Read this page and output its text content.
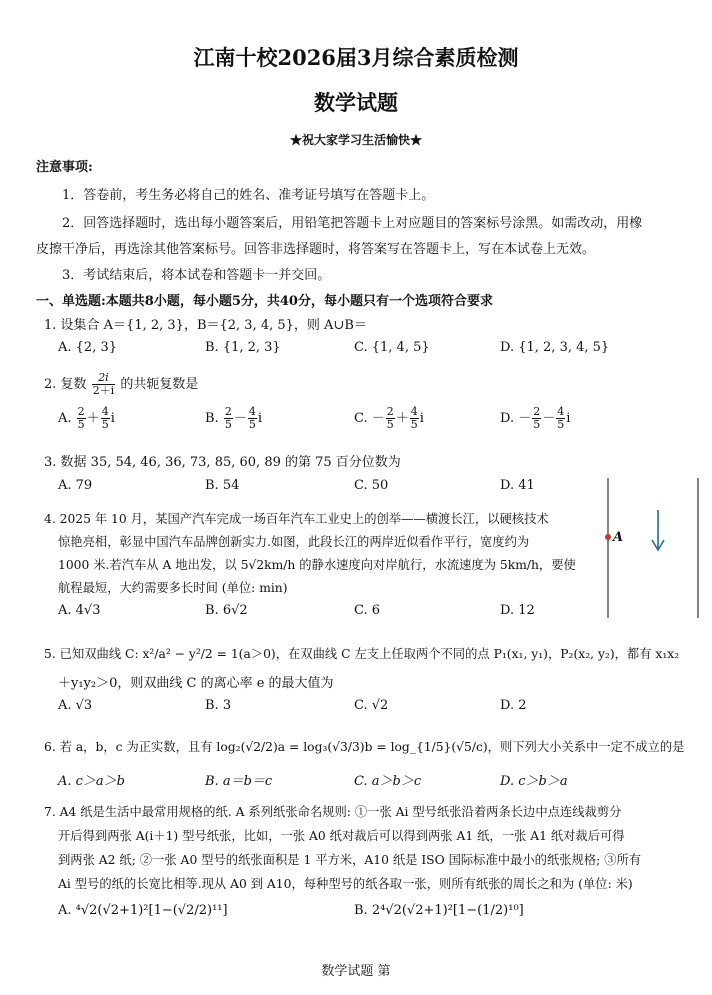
江南十校2026届3月综合素质检测
数学试题
★祝大家学习生活愉快★
注意事项:
1．答卷前，考生务必将自己的姓名、准考证号填写在答题卡上。
2．回答选择题时，选出每小题答案后，用铅笔把答题卡上对应题目的答案标号涂黑。如需改动，用橡
皮擦干净后，再选涂其他答案标号。回答非选择题时，将答案写在答题卡上，写在本试卷上无效。
3．考试结束后，将本试卷和答题卡一并交回。
一、单选题:本题共8小题，每小题5分，共40分，每小题只有一个选项符合要求
1. 设集合 A＝{1, 2, 3}，B＝{2, 3, 4, 5}，则 A∪B＝
A. {2, 3}	B. {1, 2, 3}	C. {1, 4, 5}	D. {1, 2, 3, 4, 5}
2. 复数 $\frac{2i}{2+i}$ 的共轭复数是
A. $\frac{2}{5} + \frac{4}{5}$ i	B. $\frac{2}{5} - \frac{4}{5}$ i	C. － $\frac{2}{5} + \frac{4}{5}$ i	D. － $\frac{2}{5} - \frac{4}{5}$ i
3. 数据 35, 54, 46, 36, 73, 85, 60, 89 的第 75 百分位数为
A. 79	B. 54	C. 50	D. 41
4. 2025 年 10 月，某国产汽车完成一场百年汽车工业史上的创举——横渡长江，以硬核技术
惊艳亮相，彰显中国汽车品牌创新实力.如图，此段长江的两岸近似看作平行，宽度约为
1000 米.若汽车从 A 地出发，以 5√2km/h 的静水速度向对岸航行，水流速度为 5km/h，要使
航程最短，大约需要多长时间 (单位: min)
A. 4√3	B. 6√2	C. 6	D. 12
A
5. 已知双曲线 C: x²/a² − y²/2 = 1(a＞0)，在双曲线 C 左支上任取两个不同的点 P₁(x₁, y₁)，P₂(x₂, y₂)，都有 x₁x₂
＋y₁y₂＞0，则双曲线 C 的离心率 e 的最大值为
A. √3	B. 3	C. √2	D. 2
6. 若 a，b，c 为正实数，且有 log₂(√2/2)a = log₃(√3/3)b = log_{1/5}(√5/c)，则下列大小关系中一定不成立的是
A. c＞a＞b	B. a＝b＝c	C. a＞b＞c	D. c＞b＞a
7. A4 纸是生活中最常用规格的纸. A 系列纸张命名规则: ①一张 Ai 型号纸张沿着两条长边中点连线裁剪分
开后得到两张 A(i＋1) 型号纸张，比如，一张 A0 纸对裁后可以得到两张 A1 纸，一张 A1 纸对裁后可得
到两张 A2 纸; ②一张 A0 型号的纸张面积是 1 平方米，A10 纸是 ISO 国际标准中最小的纸张规格; ③所有
Ai 型号的纸的长宽比相等.现从 A0 到 A10，每种型号的纸各取一张，则所有纸张的周长之和为 (单位: 米)
A. ⁴√2(√2+1)²[1−(√2/2)¹¹]	B. 2⁴√2(√2+1)²[1−(1/2)¹⁰]
数学试题 第
